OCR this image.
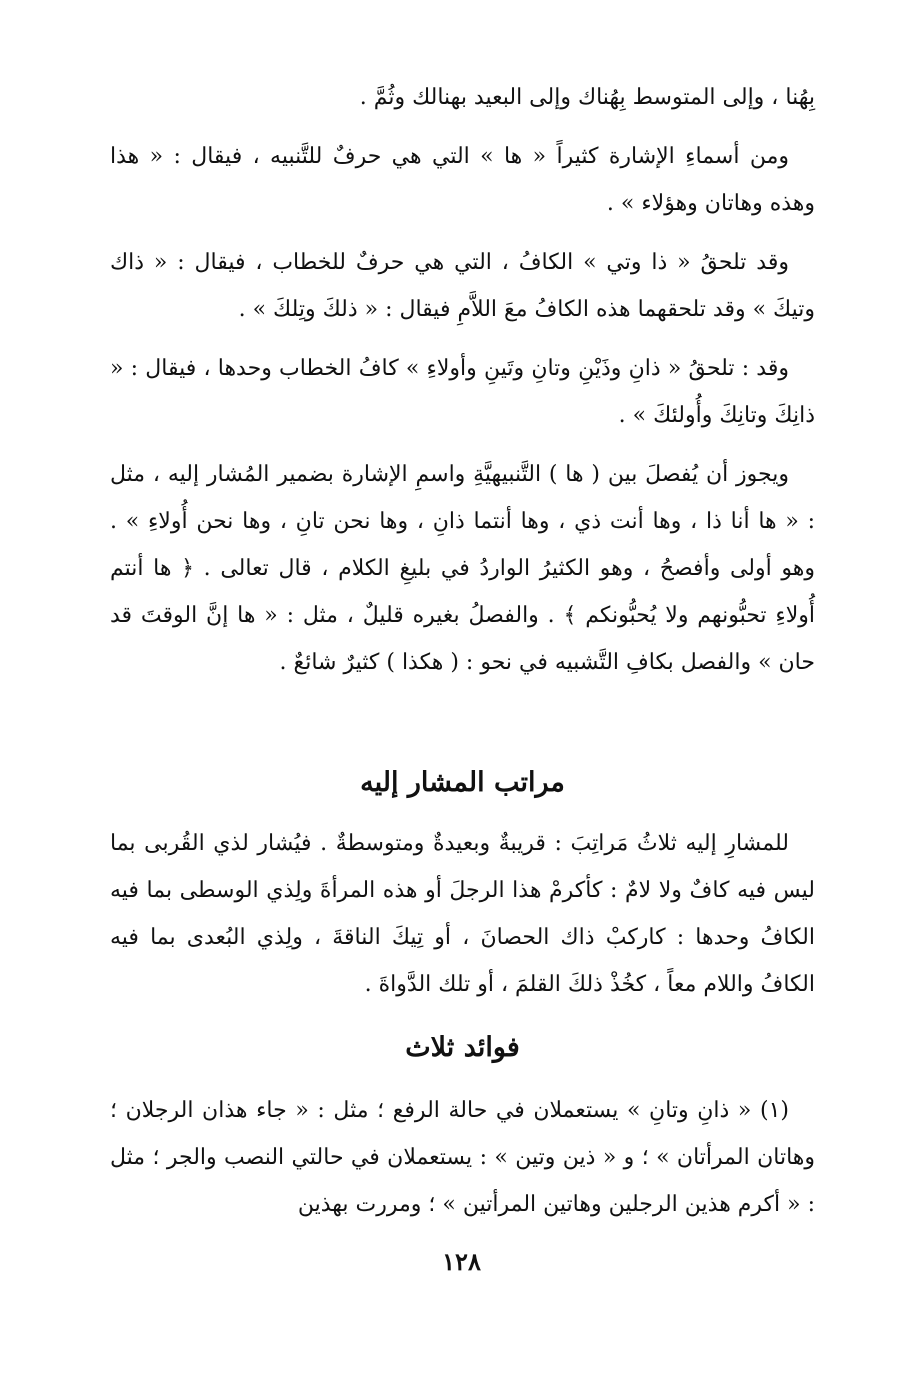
بِهُنا ، وإلى المتوسط بِهُناك وإلى البعيد بهنالك وثُمَّ .

ومن أسماءِ الإشارة كثيراً « ها » التي هي حرفٌ للتَّنبيه ، فيقال : « هذا وهذه وهاتان وهؤلاء » .

وقد تلحقُ « ذا وتي » الكافُ ، التي هي حرفٌ للخطاب ، فيقال : « ذاك وتيكَ » وقد تلحقهما هذه الكافُ معَ اللاَّمِ فيقال : « ذلكَ وتِلكَ » .

وقد : تلحقُ « ذانِ وذَيْنِ وتانِ وتَينِ وأولاءِ » كافُ الخطاب وحدها ، فيقال : « ذانِكَ وتانِكَ وأُولئكَ » .

ويجوز أن يُفصلَ بين ( ها ) التَّنبيهيَّةِ واسمِ الإشارة بضمير المُشار إليه ، مثل : « ها أنا ذا ، وها أنت ذي ، وها أنتما ذانِ ، وها نحن تانِ ، وها نحن أُولاءِ » . وهو أولى وأفصحُ ، وهو الكثيرُ الواردُ في بليغِ الكلام ، قال تعالى . ﴿ ها أنتم أُولاءِ تحبُّونهم ولا يُحبُّونكم ﴾ . والفصلُ بغيره قليلٌ ، مثل : « ها إنَّ الوقتَ قد حان » والفصل بكافِ التَّشبيه في نحو : ( هكذا ) كثيرٌ شائعٌ .

مراتب المشار إليه

للمشارِ إليه ثلاثُ مَراتِبَ : قريبةٌ وبعيدةٌ ومتوسطةٌ . فيُشار لذي القُربى بما ليس فيه كافٌ ولا لامٌ : كأكرمْ هذا الرجلَ أو هذه المرأةَ ولِذي الوسطى بما فيه الكافُ وحدها : كاركبْ ذاك الحصانَ ، أو تِيكَ الناقةَ ، ولِذي البُعدى بما فيه الكافُ واللام معاً ، كخُذْ ذلكَ القلمَ ، أو تلك الدَّواةَ .

فوائد ثلاث

(١) « ذانِ وتانِ » يستعملان في حالة الرفع ؛ مثل : « جاء هذان الرجلان ؛ وهاتان المرأتان » ؛ و « ذين وتين » : يستعملان في حالتي النصب والجر ؛ مثل : « أكرم هذين الرجلين وهاتين المرأتين » ؛ ومررت بهذين

١٢٨
